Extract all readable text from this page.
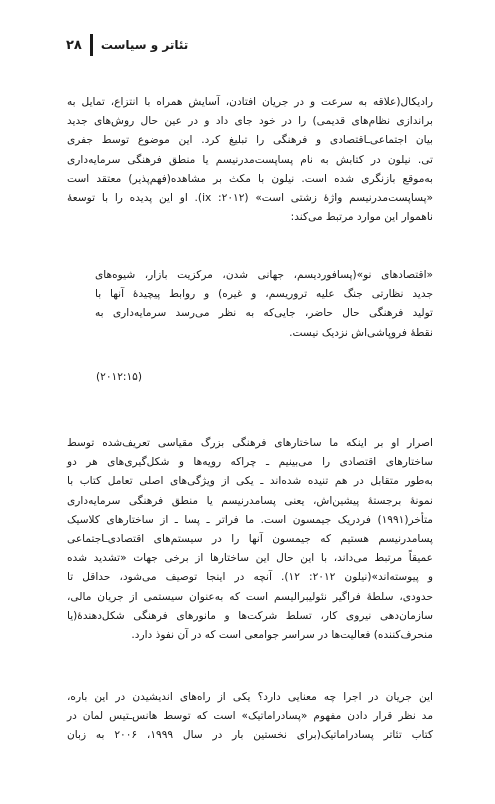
۲۸ تئاتر و سیاست
رادیکال(علاقه به سرعت و در جریان افتادن، آسایش همراه با انتزاع، تمایل به
براندازی نظام‌های قدیمی) را در خود جای داد و در عین حال روش‌های جدید
بیان اجتماعی‌ـاقتصادی و فرهنگی را تبلیغ کرد. این موضوع توسط جفری
تی. نیلون در کتابش به نام پساپست‌مدرنیسم یا منطق فرهنگی سرمایه‌داری
به‌موقع بازنگری شده است. نیلون با مکث بر مشاهده(فهم‌پذیر) معتقد است
«پساپست‌مدرنیسم واژهٔ زشتی است» (۲۰۱۲: ix). او این پدیده را با توسعهٔ
ناهموار این موارد مرتبط می‌کند:
«اقتصادهای نو»(پسافوردیسم، جهانی شدن، مرکزیت بازار، شیوه‌های
جدید نظارتی جنگ علیه تروریسم، و غیره) و روابط پیچیدهٔ آنها با
تولید فرهنگی حال حاضر، جایی‌که به نظر می‌رسد سرمایه‌داری به
نقطهٔ فروپاشی‌اش نزدیک نیست.
(۲۰۱۲:۱۵)
اصرار او بر اینکه ما ساختارهای فرهنگی بزرگ مقیاسی تعریف‌شده توسط
ساختارهای اقتصادی را می‌بینیم ـ چراکه رویه‌ها و شکل‌گیری‌های هر دو
به‌طور متقابل در هم تنیده شده‌اند ـ یکی از ویژگی‌های اصلی تعامل کتاب با
نمونهٔ برجستهٔ پیشین‌اش، یعنی پسامدرنیسم یا منطق فرهنگی سرمایه‌داری
متأخر(۱۹۹۱) فردریک جیمسون است. ما فراتر ـ پسا ـ از ساختارهای کلاسیک
پسامدرنیسم هستیم که جیمسون آنها را در سیستم‌های اقتصادی‌ـاجتماعی
عمیقاً مرتبط می‌داند، با این حال این ساختارها از برخی جهات «تشدید شده
و پیوسته‌اند»(نیلون ۲۰۱۲: ۱۲). آنچه در اینجا توصیف می‌شود، حداقل تا
حدودی، سلطهٔ فراگیر نئولیبرالیسم است که به‌عنوان سیستمی از جریان مالی،
سازمان‌دهی نیروی کار، تسلط شرکت‌ها و مانورهای فرهنگی شکل‌دهندهٔ(یا
منحرف‌کننده) فعالیت‌ها در سراسر جوامعی است که در آن نفوذ دارد.
این جریان در اجرا چه معنایی دارد؟ یکی از راه‌های اندیشیدن در این باره،
مد نظر قرار دادن مفهوم «پسادراماتیک» است که توسط هانس‌ـتیس لمان در
کتاب تئاتر پسادراماتیک(برای نخستین بار در سال ۱۹۹۹، ۲۰۰۶ به زبان
